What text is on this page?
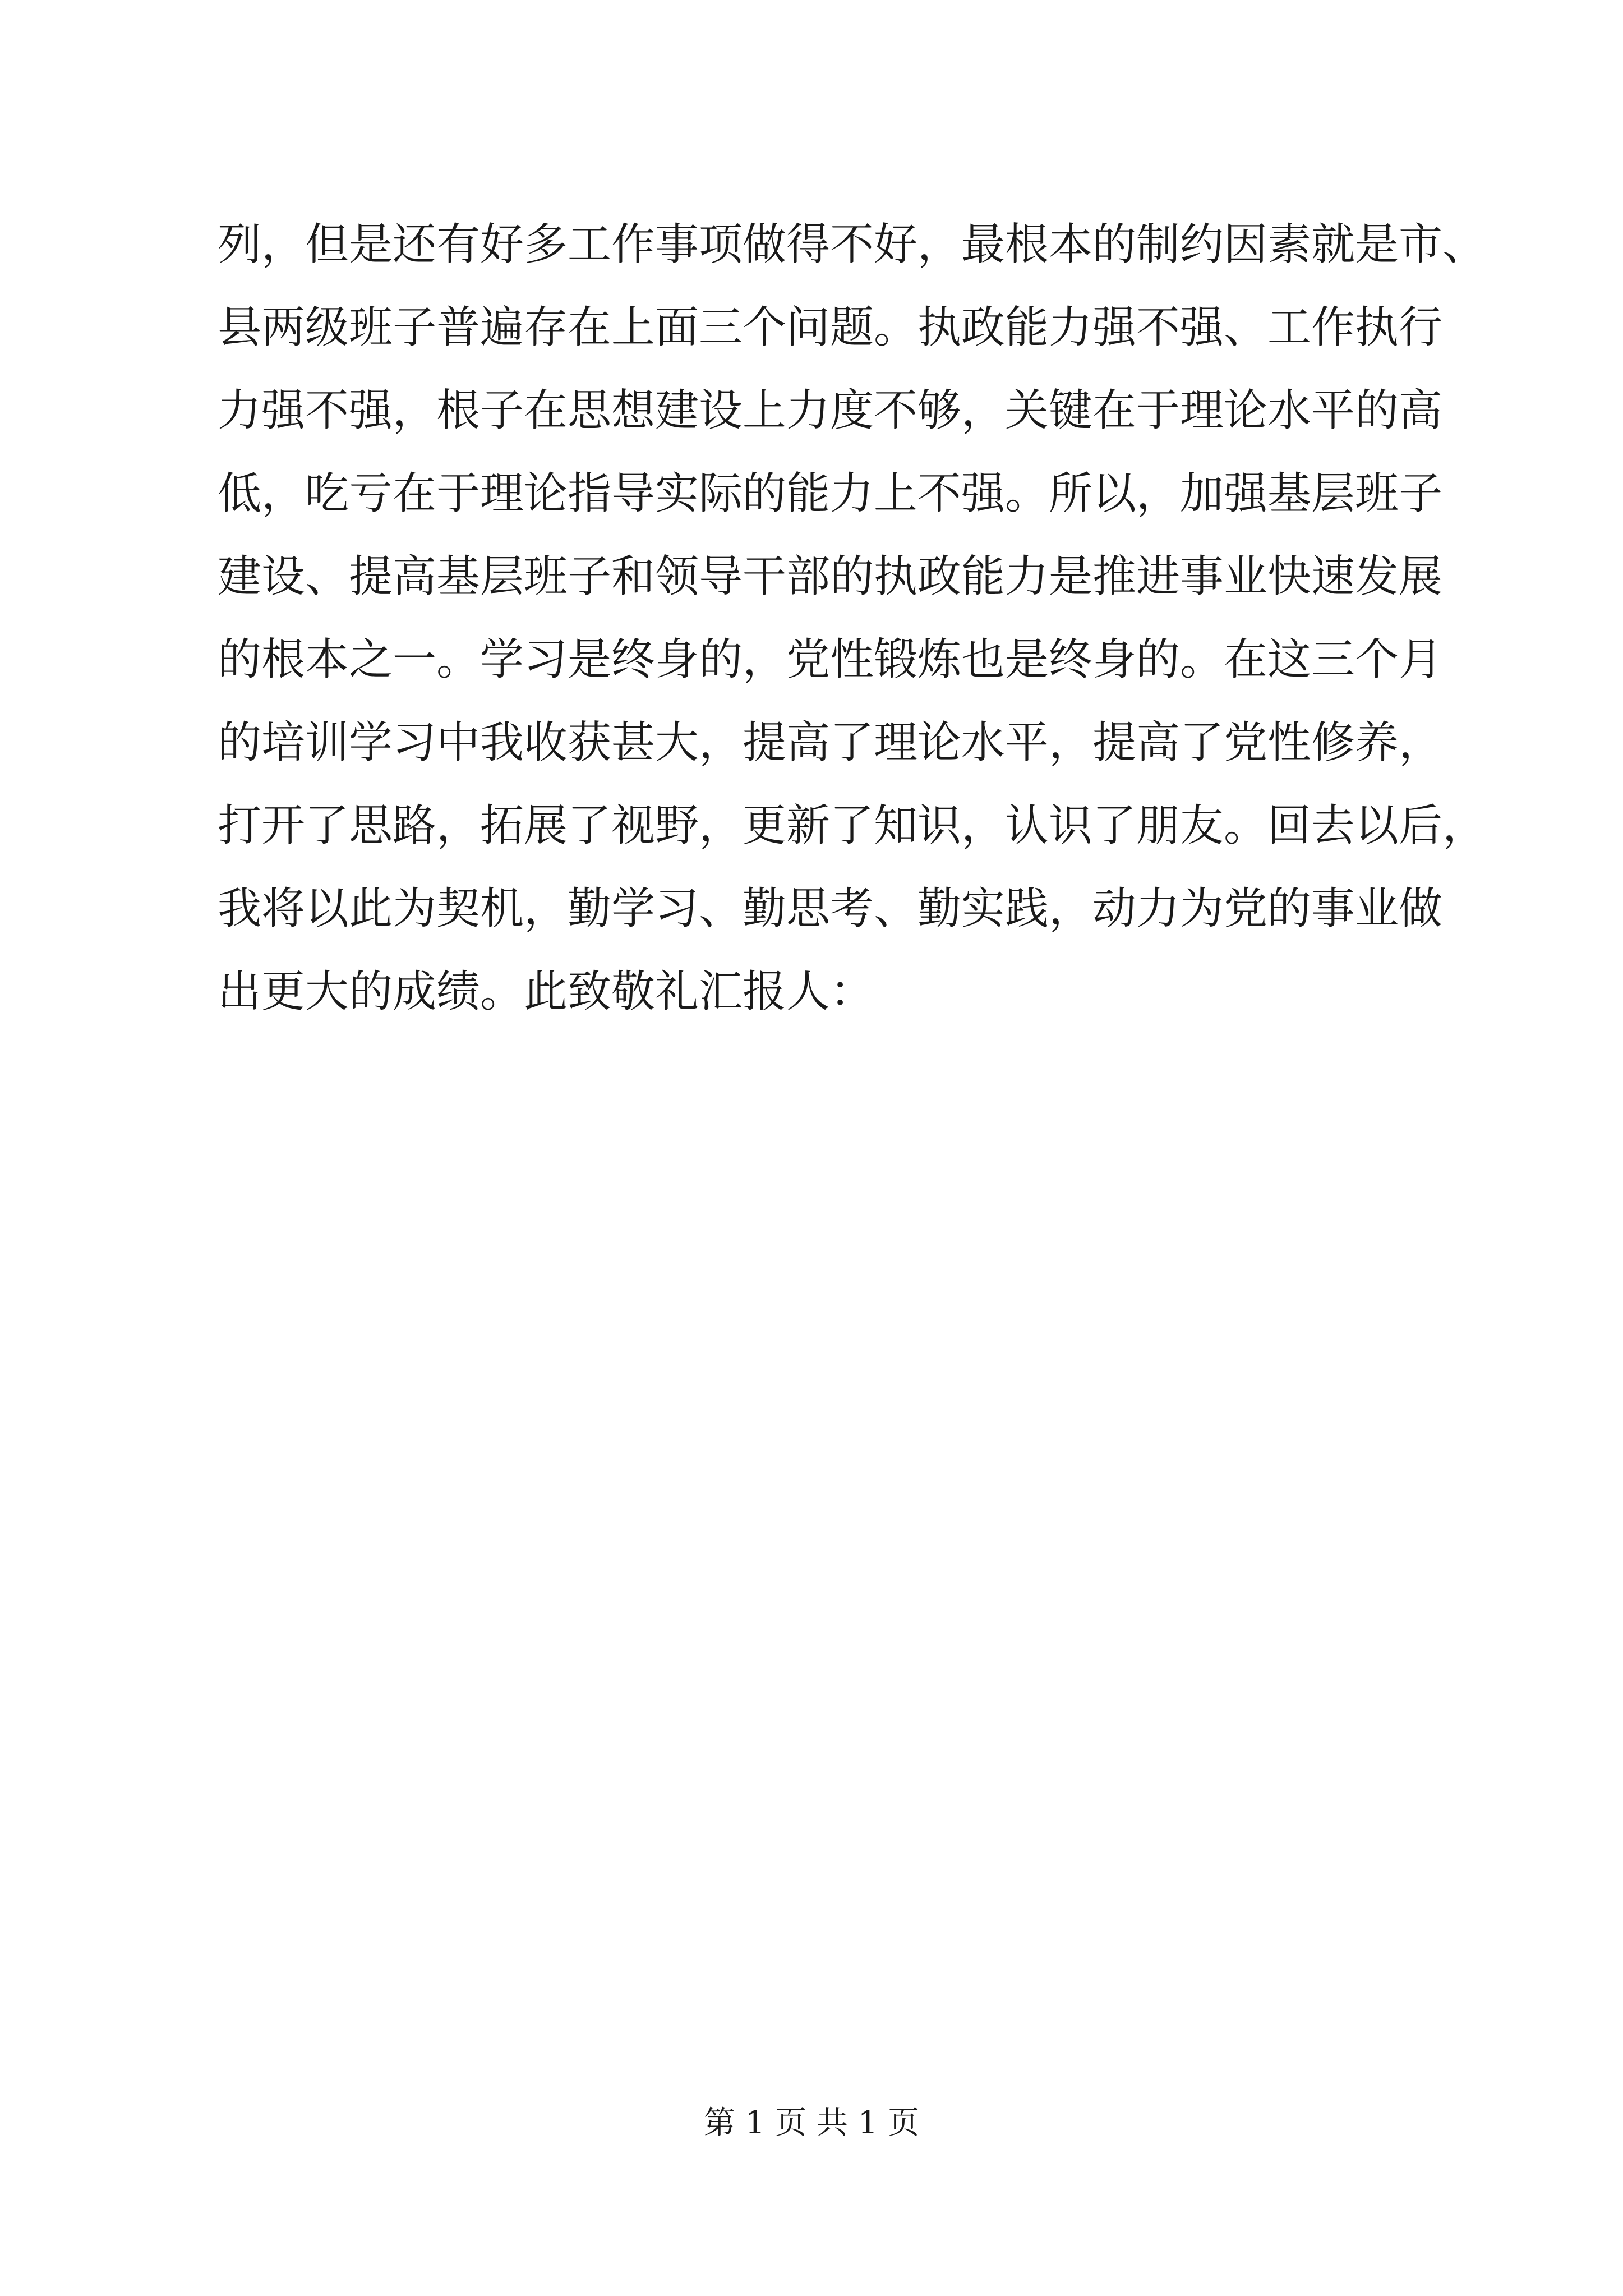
列，但是还有好多工作事项做得不好，最根本的制约因素就是市、
县两级班子普遍存在上面三个问题。执政能力强不强、工作执行
力强不强，根子在思想建设上力度不够，关键在于理论水平的高
低，吃亏在于理论指导实际的能力上不强。所以，加强基层班子
建设、提高基层班子和领导干部的执政能力是推进事业快速发展
的根本之一。学习是终身的，党性锻炼也是终身的。在这三个月
的培训学习中我收获甚大，提高了理论水平，提高了党性修养，
打开了思路，拓展了视野，更新了知识，认识了朋友。回去以后，
我将以此为契机，勤学习、勤思考、勤实践，动力为党的事业做
出更大的成绩。此致敬礼汇报人：
第 1 页 共 1 页
